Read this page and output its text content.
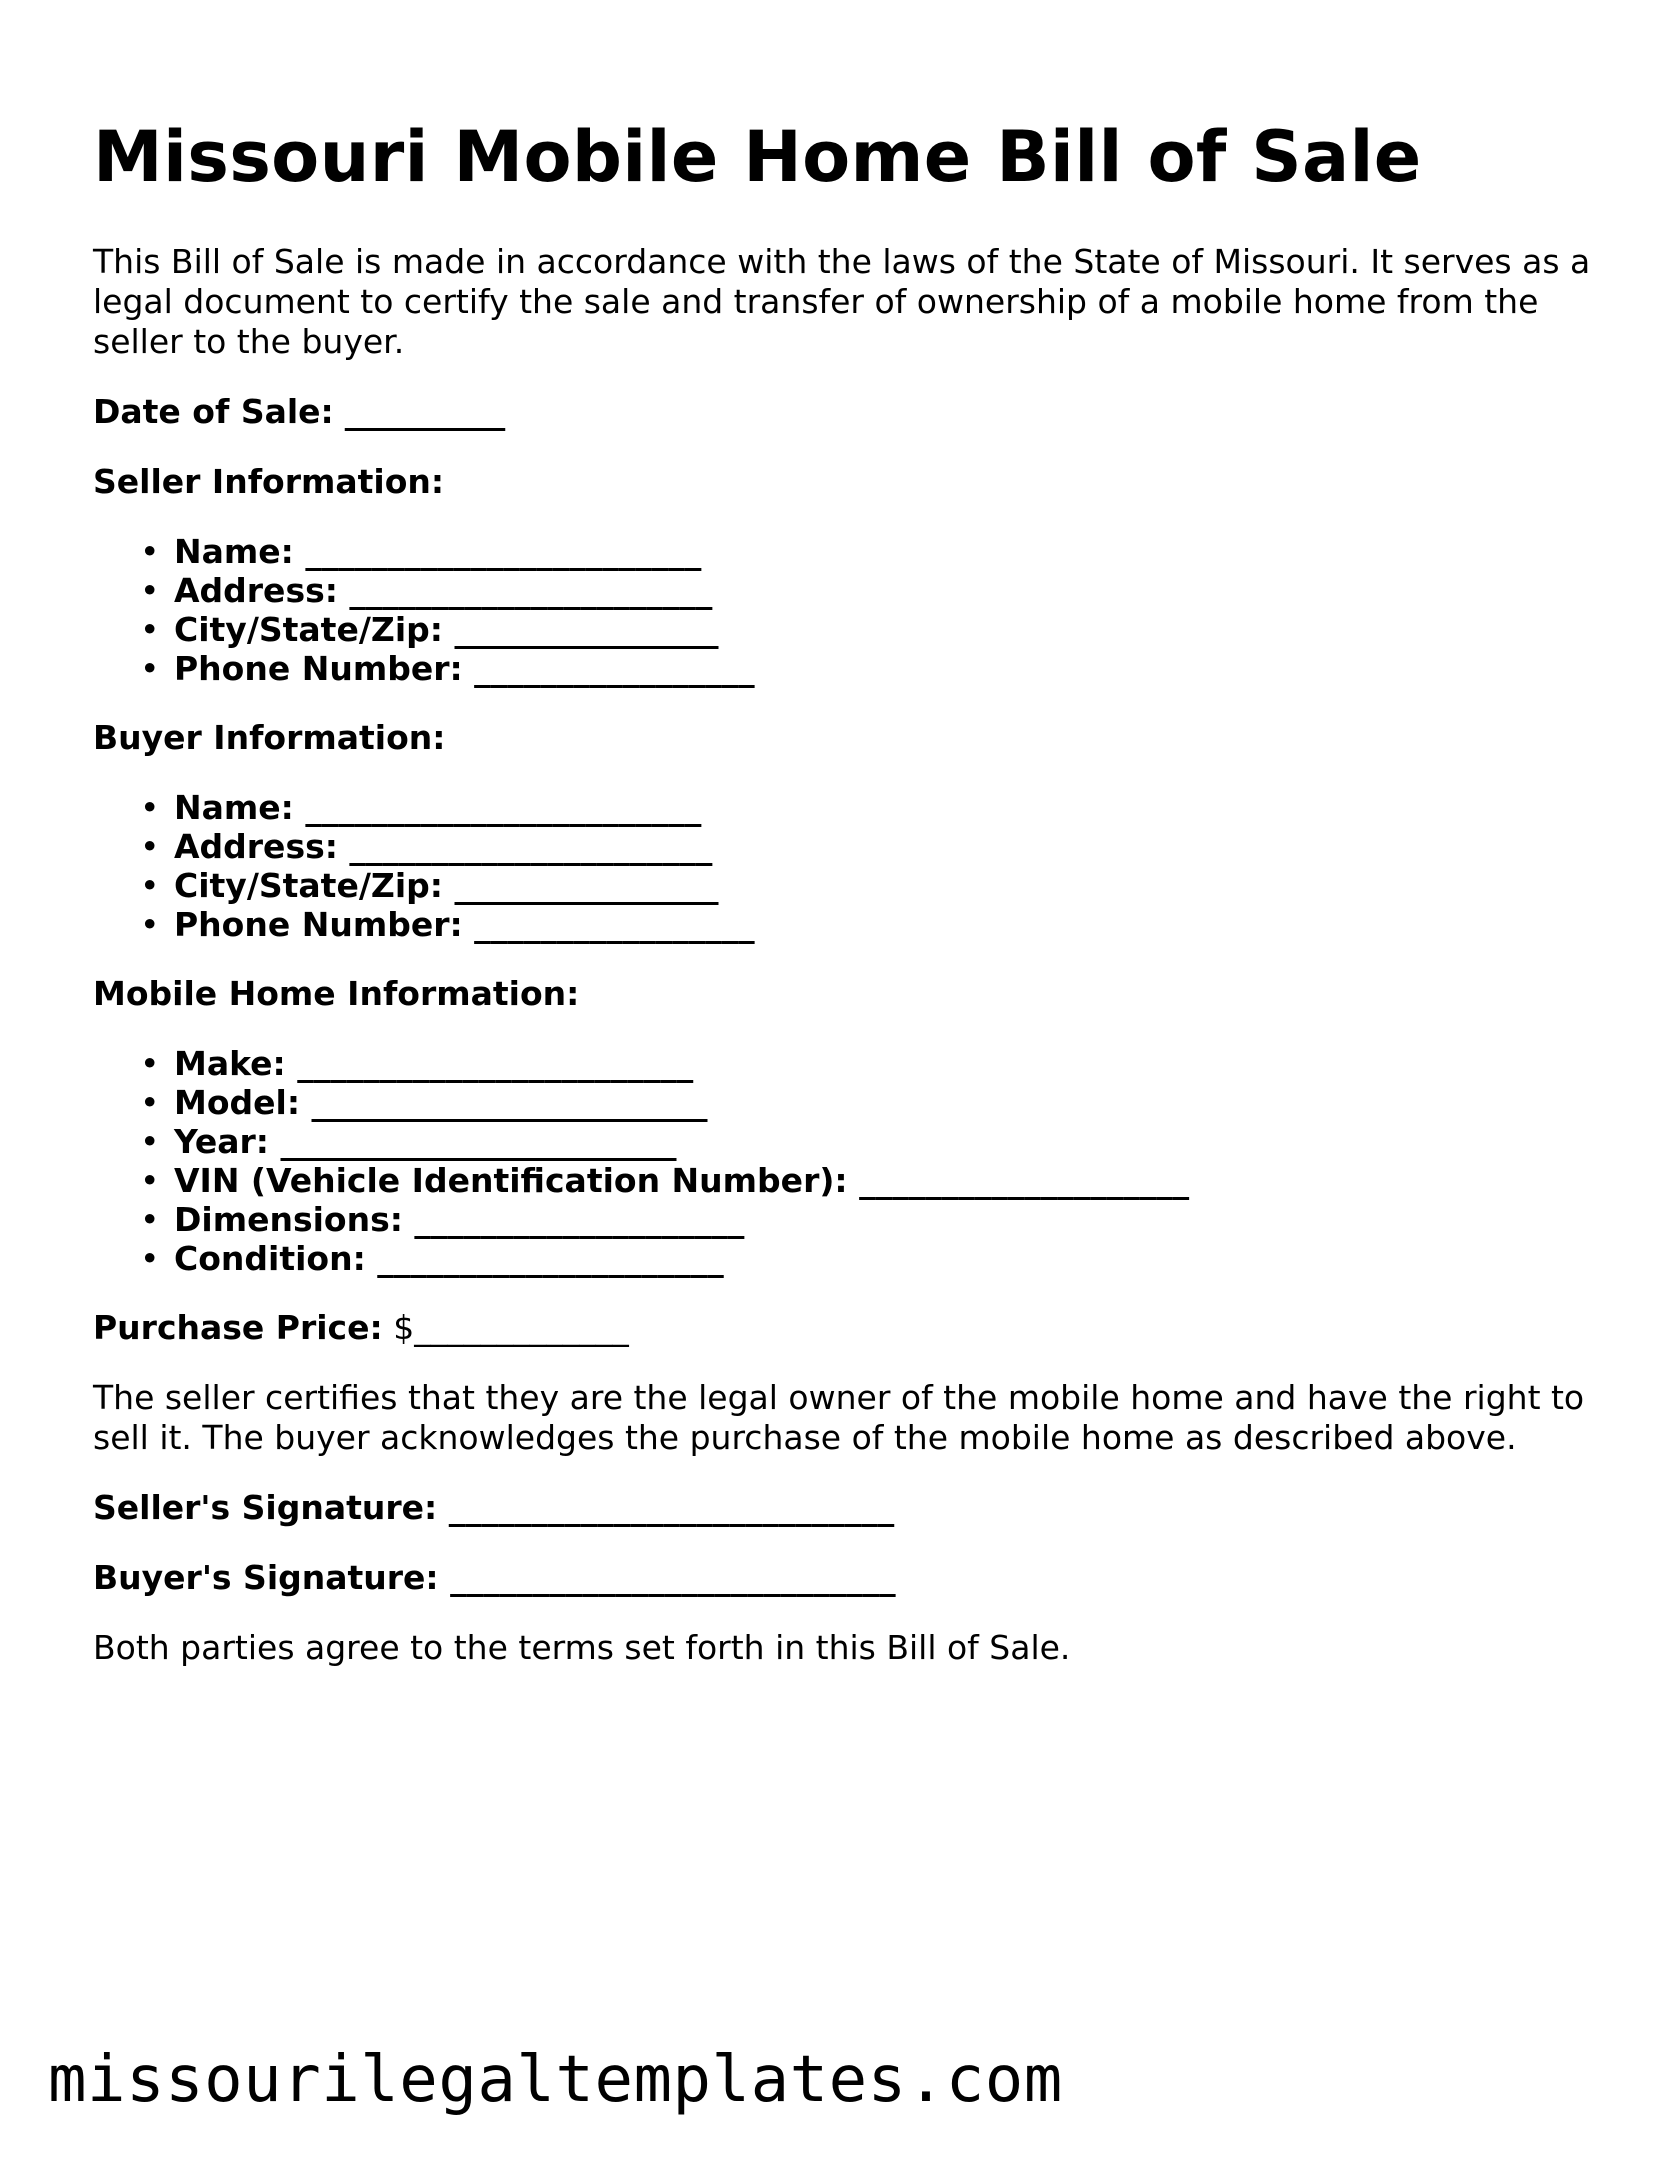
Missouri Mobile Home Bill of Sale

This Bill of Sale is made in accordance with the laws of the State of Missouri. It serves as a legal document to certify the sale and transfer of ownership of a mobile home from the seller to the buyer.

Date of Sale: __________

Seller Information:

• Name: ________________________
• Address: ______________________
• City/State/Zip: ________________
• Phone Number: _________________

Buyer Information:

• Name: ________________________
• Address: ______________________
• City/State/Zip: ________________
• Phone Number: _________________

Mobile Home Information:

• Make: ________________________
• Model: ________________________
• Year: ________________________
• VIN (Vehicle Identification Number): ____________________
• Dimensions: ____________________
• Condition: _____________________

Purchase Price: $_____________

The seller certifies that they are the legal owner of the mobile home and have the right to sell it. The buyer acknowledges the purchase of the mobile home as described above.

Seller's Signature: ___________________________

Buyer's Signature: ___________________________

Both parties agree to the terms set forth in this Bill of Sale.

missourilegaltemplates.com
